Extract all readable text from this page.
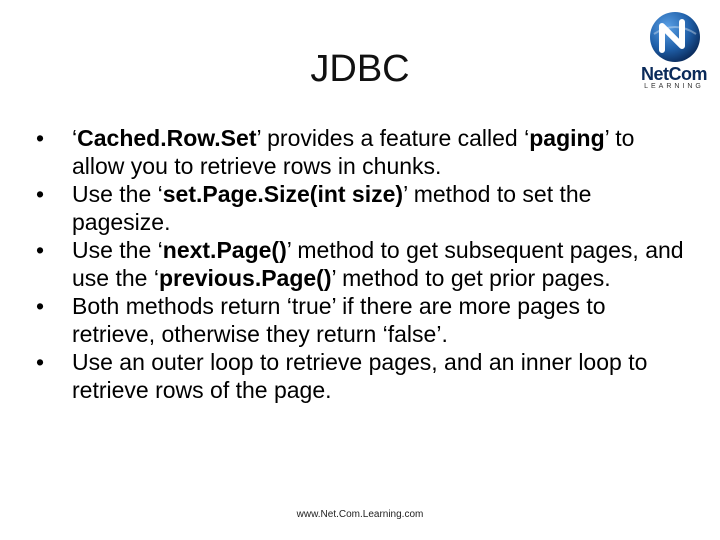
JDBC	NetCom
LEARNING
• ‘Cached.Row.Set’ provides a feature called ‘paging’ to allow you to retrieve rows in chunks.
• Use the ‘set.Page.Size(int size)’ method to set the pagesize.
• Use the ‘next.Page()’ method to get subsequent pages, and use the ‘previous.Page()’ method to get prior pages.
• Both methods return ‘true’ if there are more pages to retrieve, otherwise they return ‘false’.
• Use an outer loop to retrieve pages, and an inner loop to retrieve rows of the page.
www.Net.Com.Learning.com
